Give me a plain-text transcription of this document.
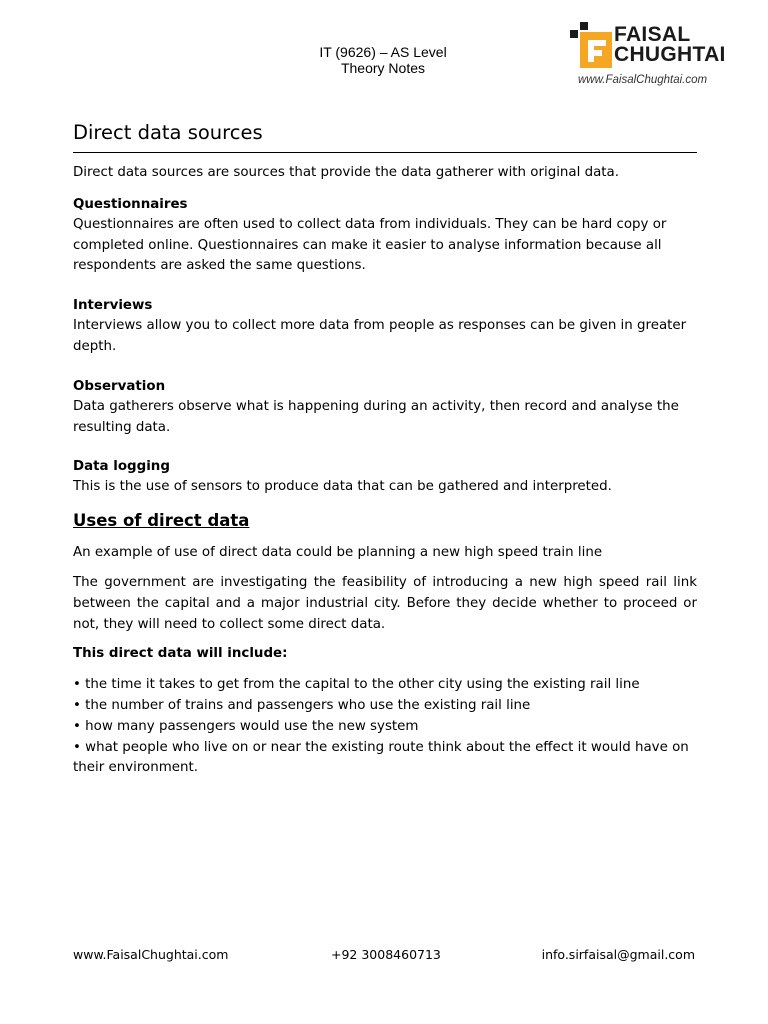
IT (9626) – AS Level
Theory Notes
FAISAL
CHUGHTAI
www.FaisalChughtai.com
Direct data sources

Direct data sources are sources that provide the data gatherer with original data.

Questionnaires

Questionnaires are often used to collect data from individuals. They can be hard copy or completed online. Questionnaires can make it easier to analyse information because all respondents are asked the same questions.

Interviews

Interviews allow you to collect more data from people as responses can be given in greater depth.

Observation

Data gatherers observe what is happening during an activity, then record and analyse the resulting data.

Data logging

This is the use of sensors to produce data that can be gathered and interpreted.

Uses of direct data

An example of use of direct data could be planning a new high speed train line

The government are investigating the feasibility of introducing a new high speed rail link between the capital and a major industrial city. Before they decide whether to proceed or not, they will need to collect some direct data.

This direct data will include:

• the time it takes to get from the capital to the other city using the existing rail line
• the number of trains and passengers who use the existing rail line
• how many passengers would use the new system
• what people who live on or near the existing route think about the effect it would have on their environment.
www.FaisalChughtai.com	+92 3008460713	info.sirfaisal@gmail.com
